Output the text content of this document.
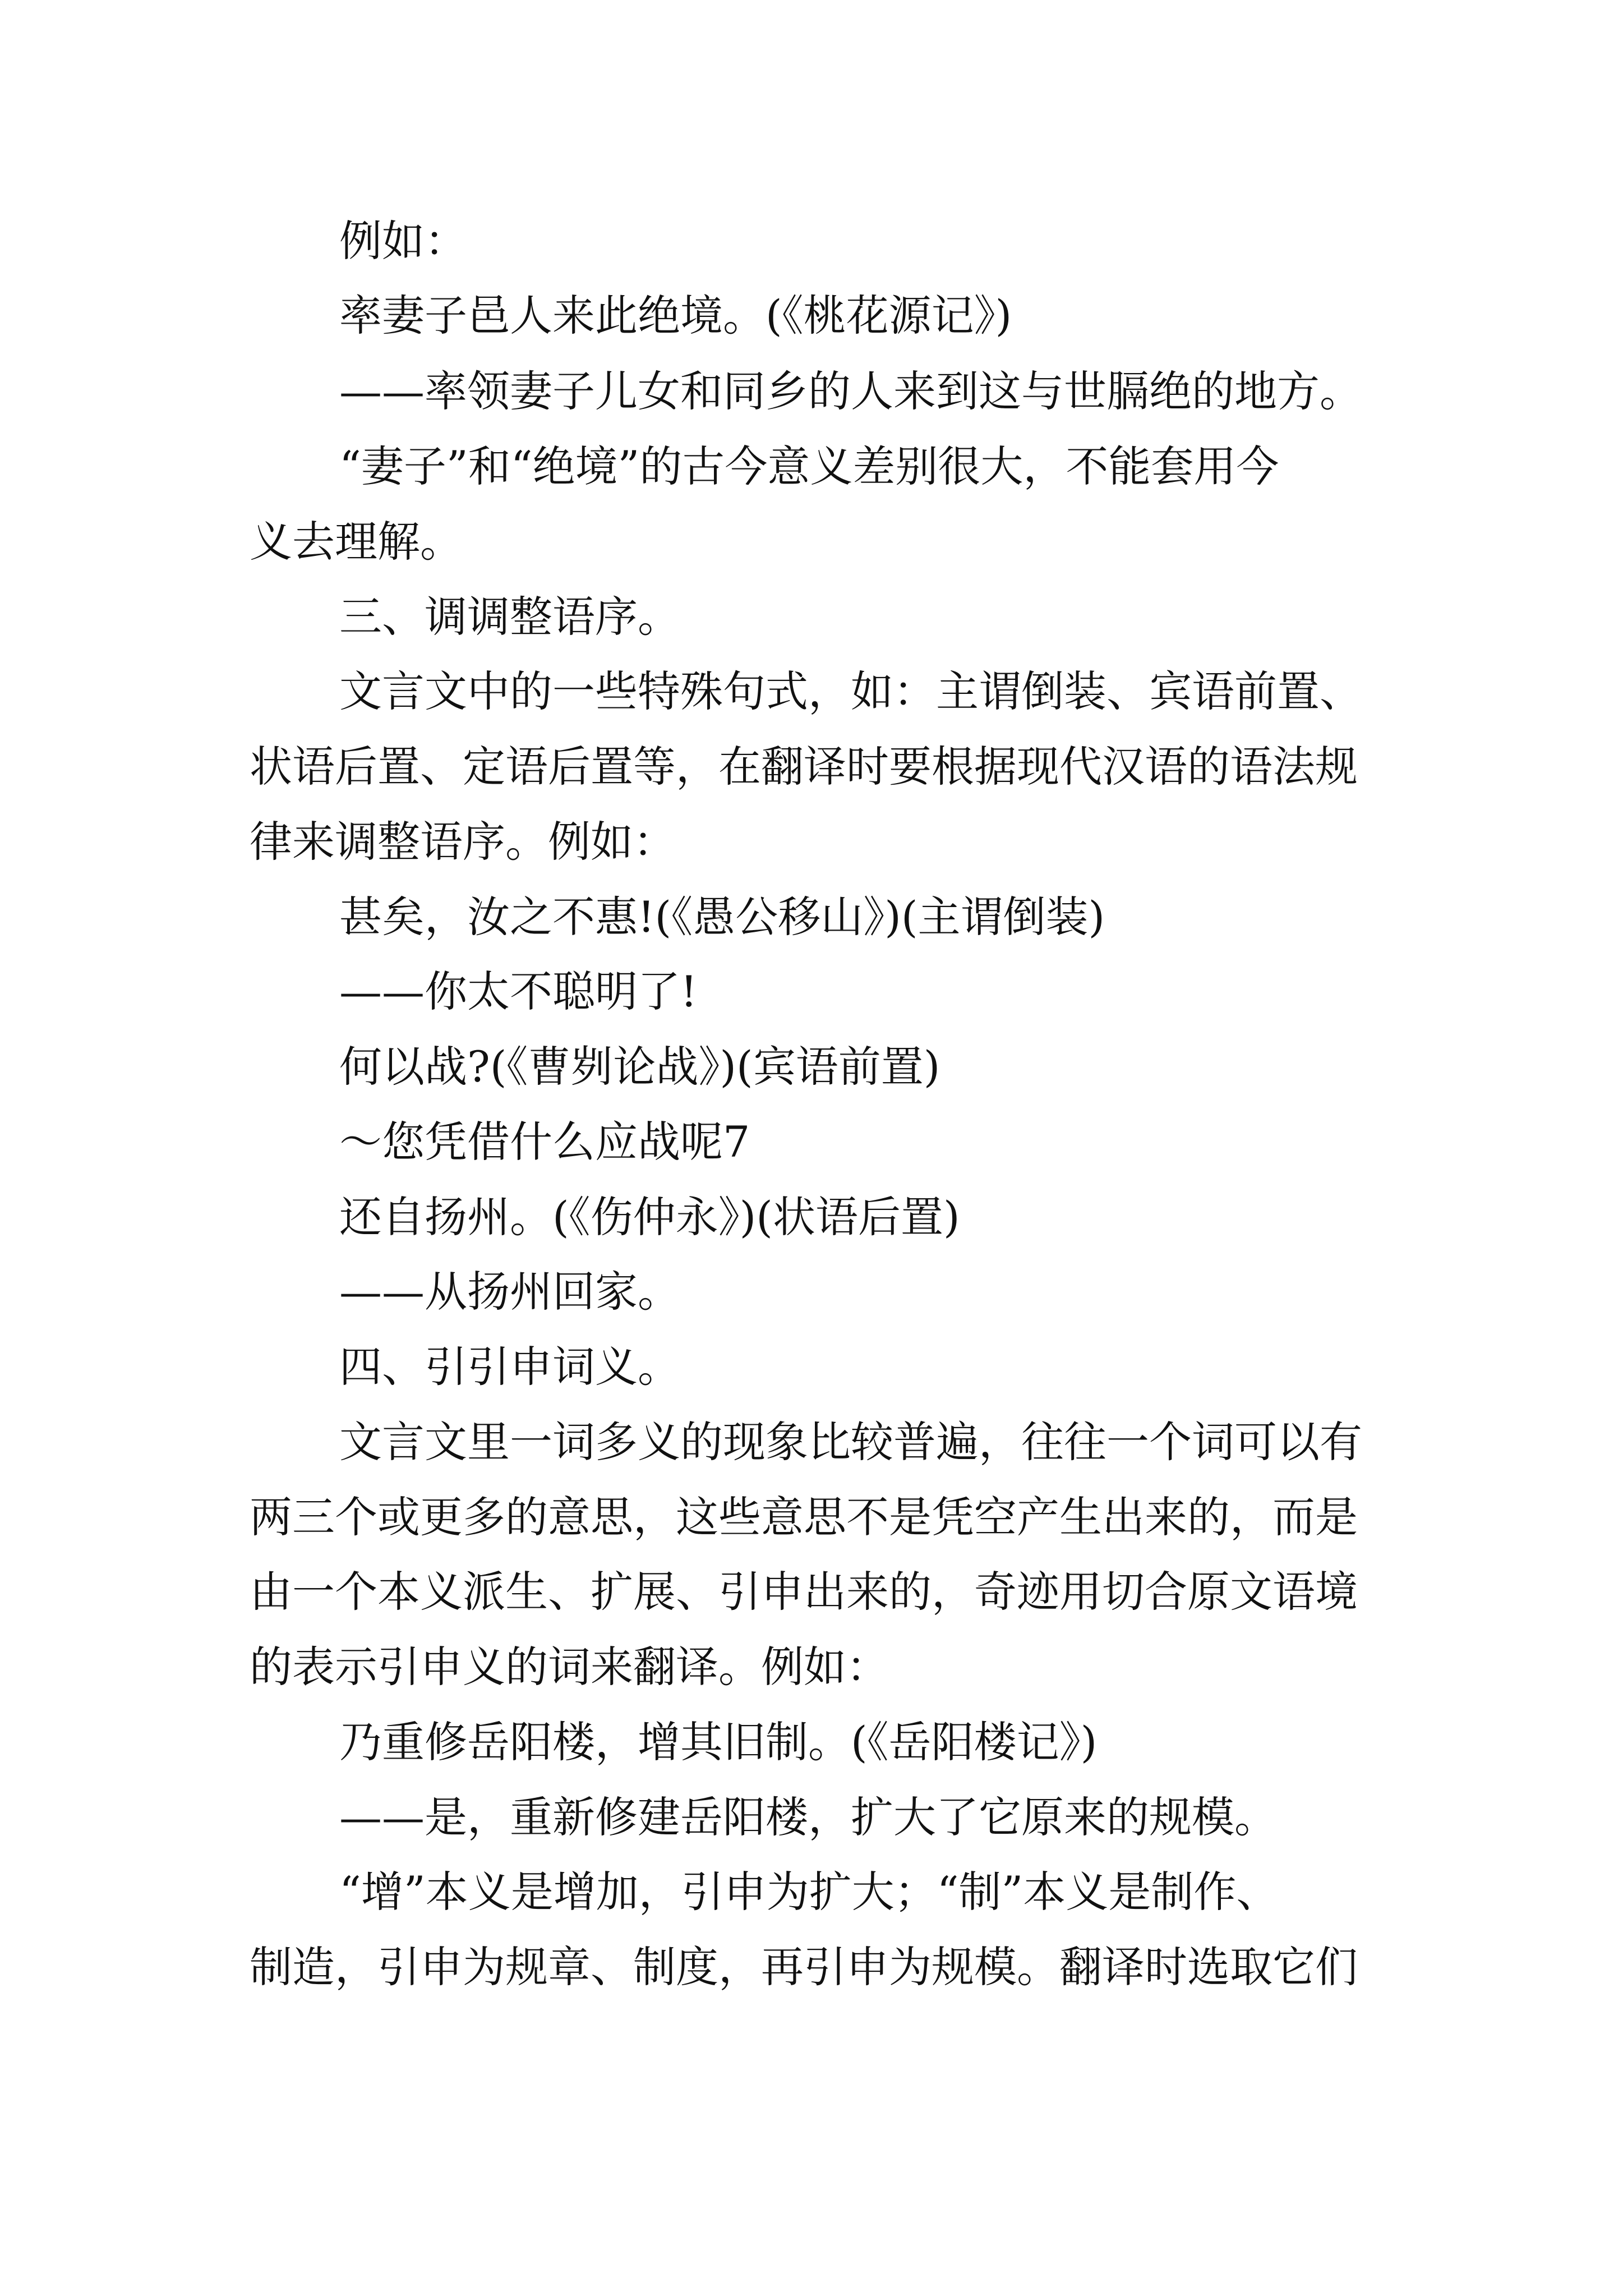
例如：
率妻子邑人来此绝境。(《桃花源记》)
——率领妻子儿女和同乡的人来到这与世膈绝的地方。
“妻子”和“绝境”的古今意义差别很大，不能套用今
义去理解。
三、调调整语序。
文言文中的一些特殊句式，如：主谓倒装、宾语前置、
状语后置、定语后置等，在翻译时要根据现代汉语的语法规
律来调整语序。例如：
甚矣，汝之不惠!(《愚公移山》)(主谓倒装)
——你太不聪明了!
何以战?(《曹刿论战》)(宾语前置)
～您凭借什么应战呢7
还自扬州。(《伤仲永》)(状语后置)
——从扬州回家。
四、引引申词义。
文言文里一词多义的现象比较普遍，往往一个词可以有
两三个或更多的意思，这些意思不是凭空产生出来的，而是
由一个本义派生、扩展、引申出来的，奇迹用切合原文语境
的表示引申义的词来翻译。例如：
乃重修岳阳楼，增其旧制。(《岳阳楼记》)
——是，重新修建岳阳楼，扩大了它原来的规模。
“增”本义是增加，引申为扩大；“制”本义是制作、
制造，引申为规章、制度，再引申为规模。翻译时选取它们
